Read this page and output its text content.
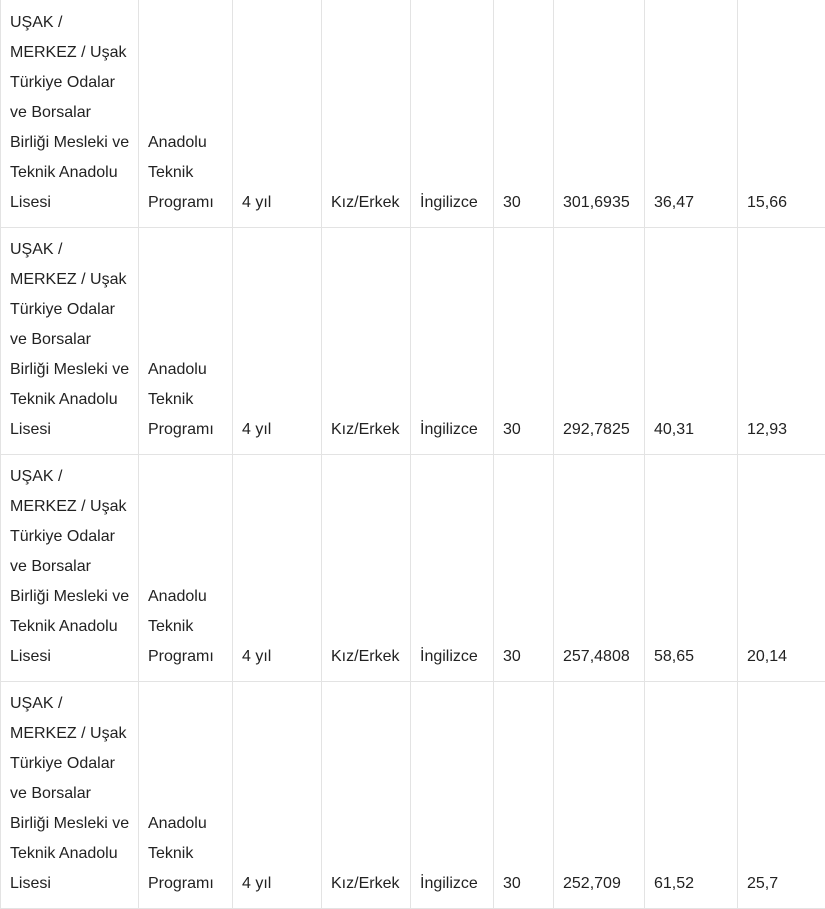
UŞAK / MERKEZ / Uşak Türkiye Odalar ve Borsalar Birliği Mesleki ve Teknik Anadolu Lisesi	Anadolu Teknik Programı	4 yıl	Kız/Erkek	İngilizce	30	301,6935	36,47	15,66
UŞAK / MERKEZ / Uşak Türkiye Odalar ve Borsalar Birliği Mesleki ve Teknik Anadolu Lisesi	Anadolu Teknik Programı	4 yıl	Kız/Erkek	İngilizce	30	292,7825	40,31	12,93
UŞAK / MERKEZ / Uşak Türkiye Odalar ve Borsalar Birliği Mesleki ve Teknik Anadolu Lisesi	Anadolu Teknik Programı	4 yıl	Kız/Erkek	İngilizce	30	257,4808	58,65	20,14
UŞAK / MERKEZ / Uşak Türkiye Odalar ve Borsalar Birliği Mesleki ve Teknik Anadolu Lisesi	Anadolu Teknik Programı	4 yıl	Kız/Erkek	İngilizce	30	252,709	61,52	25,7
